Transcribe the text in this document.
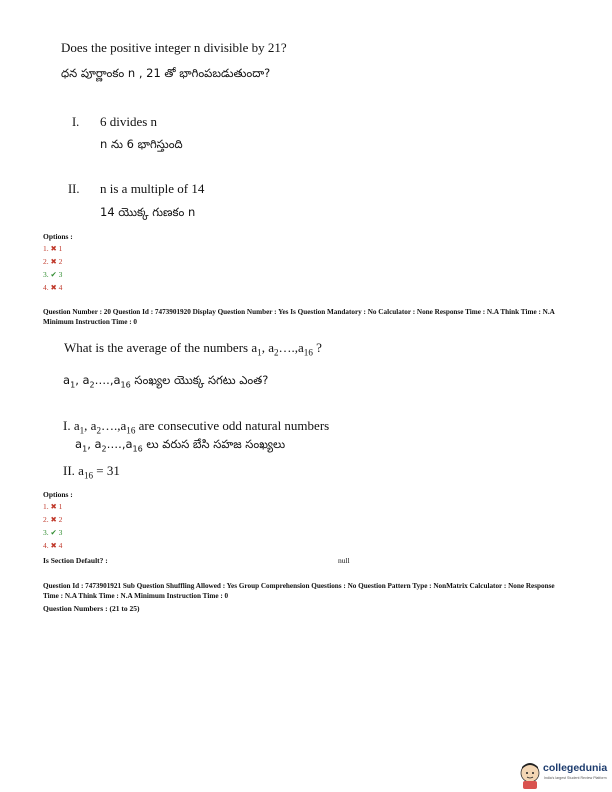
Does the positive integer n divisible by 21?
ధన పూర్ణాంకం n , 21 తో భాగింపబడుతుందా?
I. 6 divides n
n ను 6 భాగిస్తుంది
II. n is a multiple of 14
14 యొక్క గుణకం n
Options :
1. ✖ 1
2. ✖ 2
3. ✔ 3
4. ✖ 4
Question Number : 20 Question Id : 7473901920 Display Question Number : Yes Is Question Mandatory : No Calculator : None Response Time : N.A Think Time : N.A Minimum Instruction Time : 0
What is the average of the numbers $a_1$, $a_2\dots.,a_{16}$ ?
$a_1$, $a_2\dots.,a_{16}$ సంఖ్యల యొక్క సగటు ఎంత?
I. $a_1$, $a_2\dots.,a_{16}$ are consecutive odd natural numbers
$a_1$, $a_2\dots.,a_{16}$ లు వరుస బేసి సహజ సంఖ్యలు
II. $a_{16} = 31$
Options :
1. ✖ 1
2. ✖ 2
3. ✔ 3
4. ✖ 4
Is Section Default? :	null
Question Id : 7473901921 Sub Question Shuffling Allowed : Yes Group Comprehension Questions : No Question Pattern Type : NonMatrix Calculator : None Response Time : N.A Think Time : N.A Minimum Instruction Time : 0
Question Numbers : (21 to 25)
collegedunia
India's largest Student Review Platform
